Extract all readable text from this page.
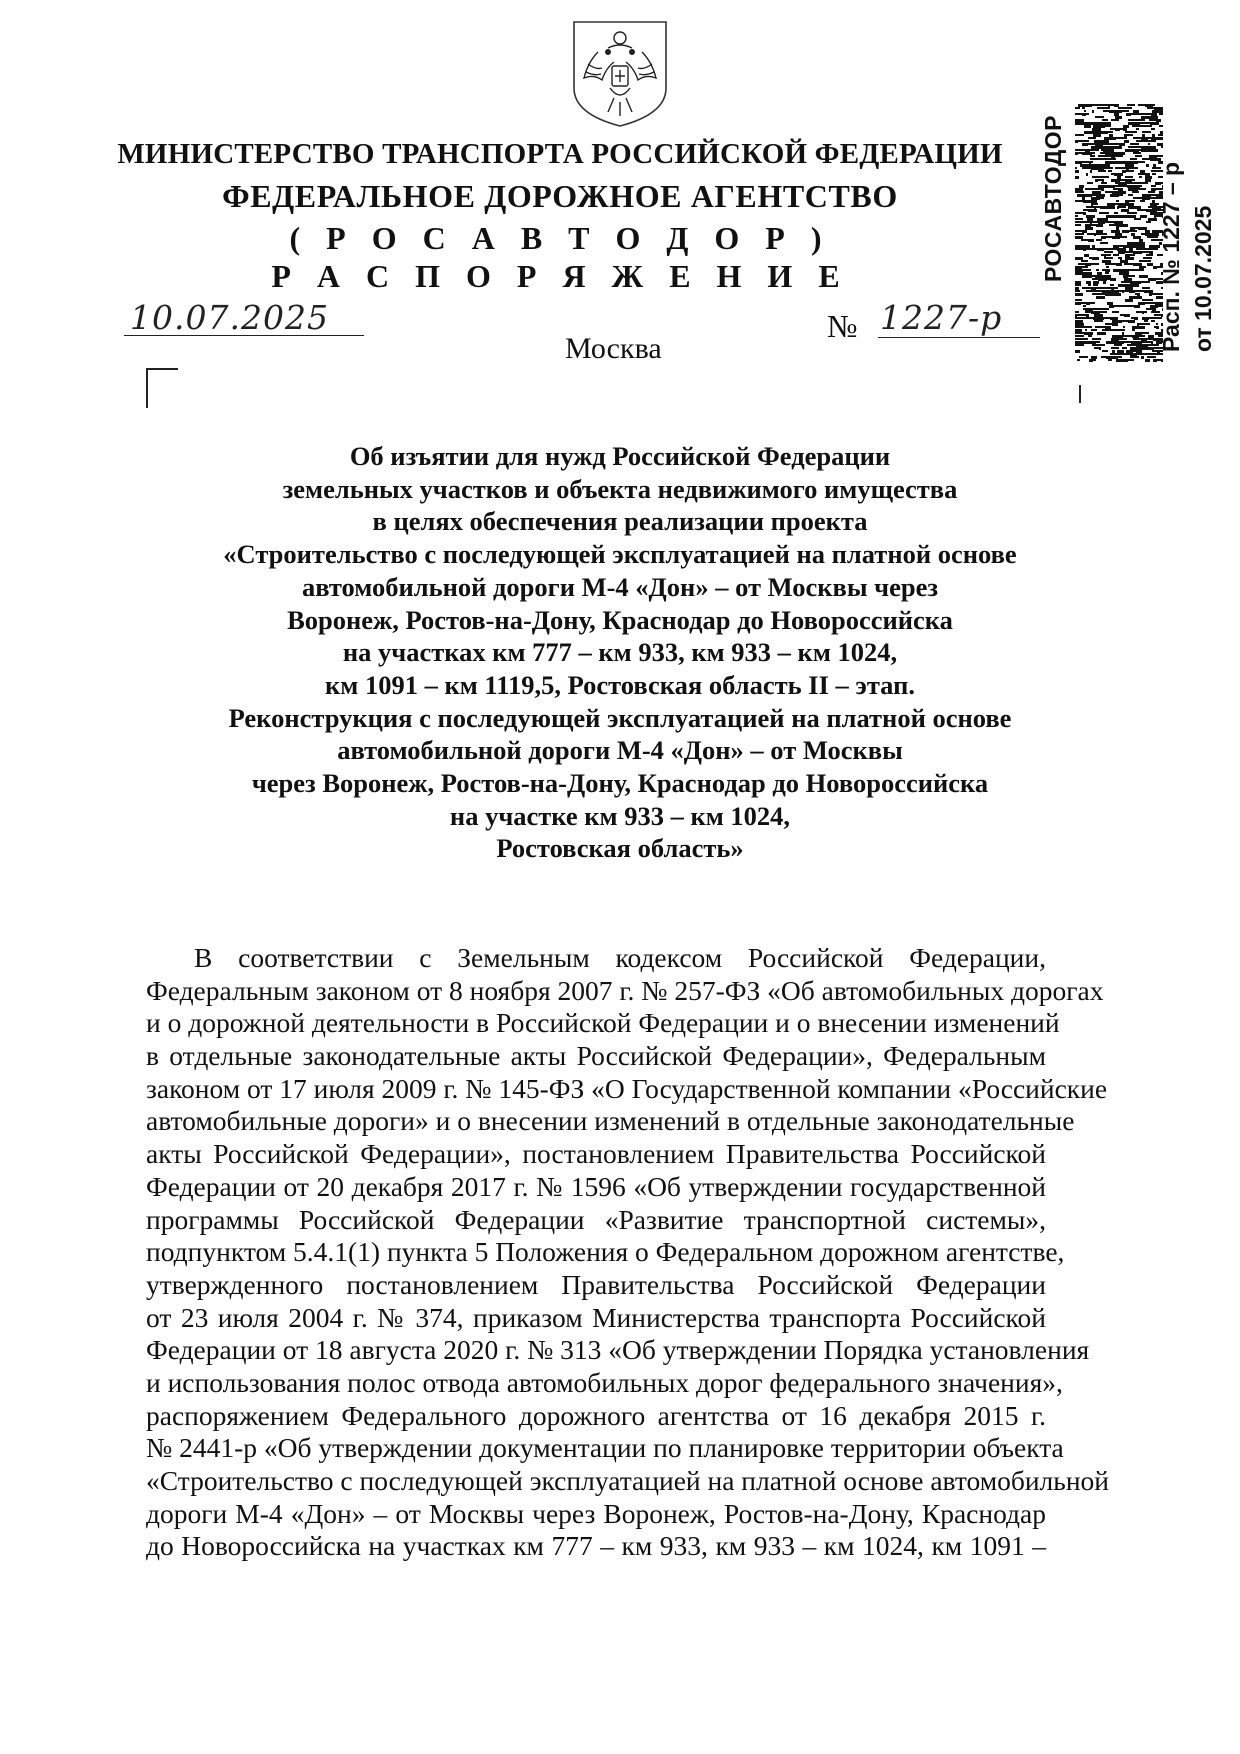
МИНИСТЕРСТВО ТРАНСПОРТА РОССИЙСКОЙ ФЕДЕРАЦИИ
ФЕДЕРАЛЬНОЕ ДОРОЖНОЕ АГЕНТСТВО
( Р О С А В Т О Д О Р )
Р А С П О Р Я Ж Е Н И Е
10.07.2025
Москва
№ 1227-р
РОСАВТОДОР	Расп. № 1227 – р от 10.07.2025
Об изъятии для нужд Российской Федерации
земельных участков и объекта недвижимого имущества
в целях обеспечения реализации проекта
«Строительство с последующей эксплуатацией на платной основе
автомобильной дороги М-4 «Дон» – от Москвы через
Воронеж, Ростов-на-Дону, Краснодар до Новороссийска
на участках км 777 – км 933, км 933 – км 1024,
км 1091 – км 1119,5, Ростовская область II – этап.
Реконструкция с последующей эксплуатацией на платной основе
автомобильной дороги М-4 «Дон» – от Москвы
через Воронеж, Ростов-на-Дону, Краснодар до Новороссийска
на участке км 933 – км 1024,
Ростовская область»
В соответствии с Земельным кодексом Российской Федерации,
Федеральным законом от 8 ноября 2007 г. № 257-ФЗ «Об автомобильных дорогах
и о дорожной деятельности в Российской Федерации и о внесении изменений
в отдельные законодательные акты Российской Федерации», Федеральным
законом от 17 июля 2009 г. № 145-ФЗ «О Государственной компании «Российские
автомобильные дороги» и о внесении изменений в отдельные законодательные
акты Российской Федерации», постановлением Правительства Российской
Федерации от 20 декабря 2017 г. № 1596 «Об утверждении государственной
программы Российской Федерации «Развитие транспортной системы»,
подпунктом 5.4.1(1) пункта 5 Положения о Федеральном дорожном агентстве,
утвержденного постановлением Правительства Российской Федерации
от 23 июля 2004 г. № 374, приказом Министерства транспорта Российской
Федерации от 18 августа 2020 г. № 313 «Об утверждении Порядка установления
и использования полос отвода автомобильных дорог федерального значения»,
распоряжением Федерального дорожного агентства от 16 декабря 2015 г.
№ 2441-р «Об утверждении документации по планировке территории объекта
«Строительство с последующей эксплуатацией на платной основе автомобильной
дороги М-4 «Дон» – от Москвы через Воронеж, Ростов-на-Дону, Краснодар
до Новороссийска на участках км 777 – км 933, км 933 – км 1024, км 1091 –
